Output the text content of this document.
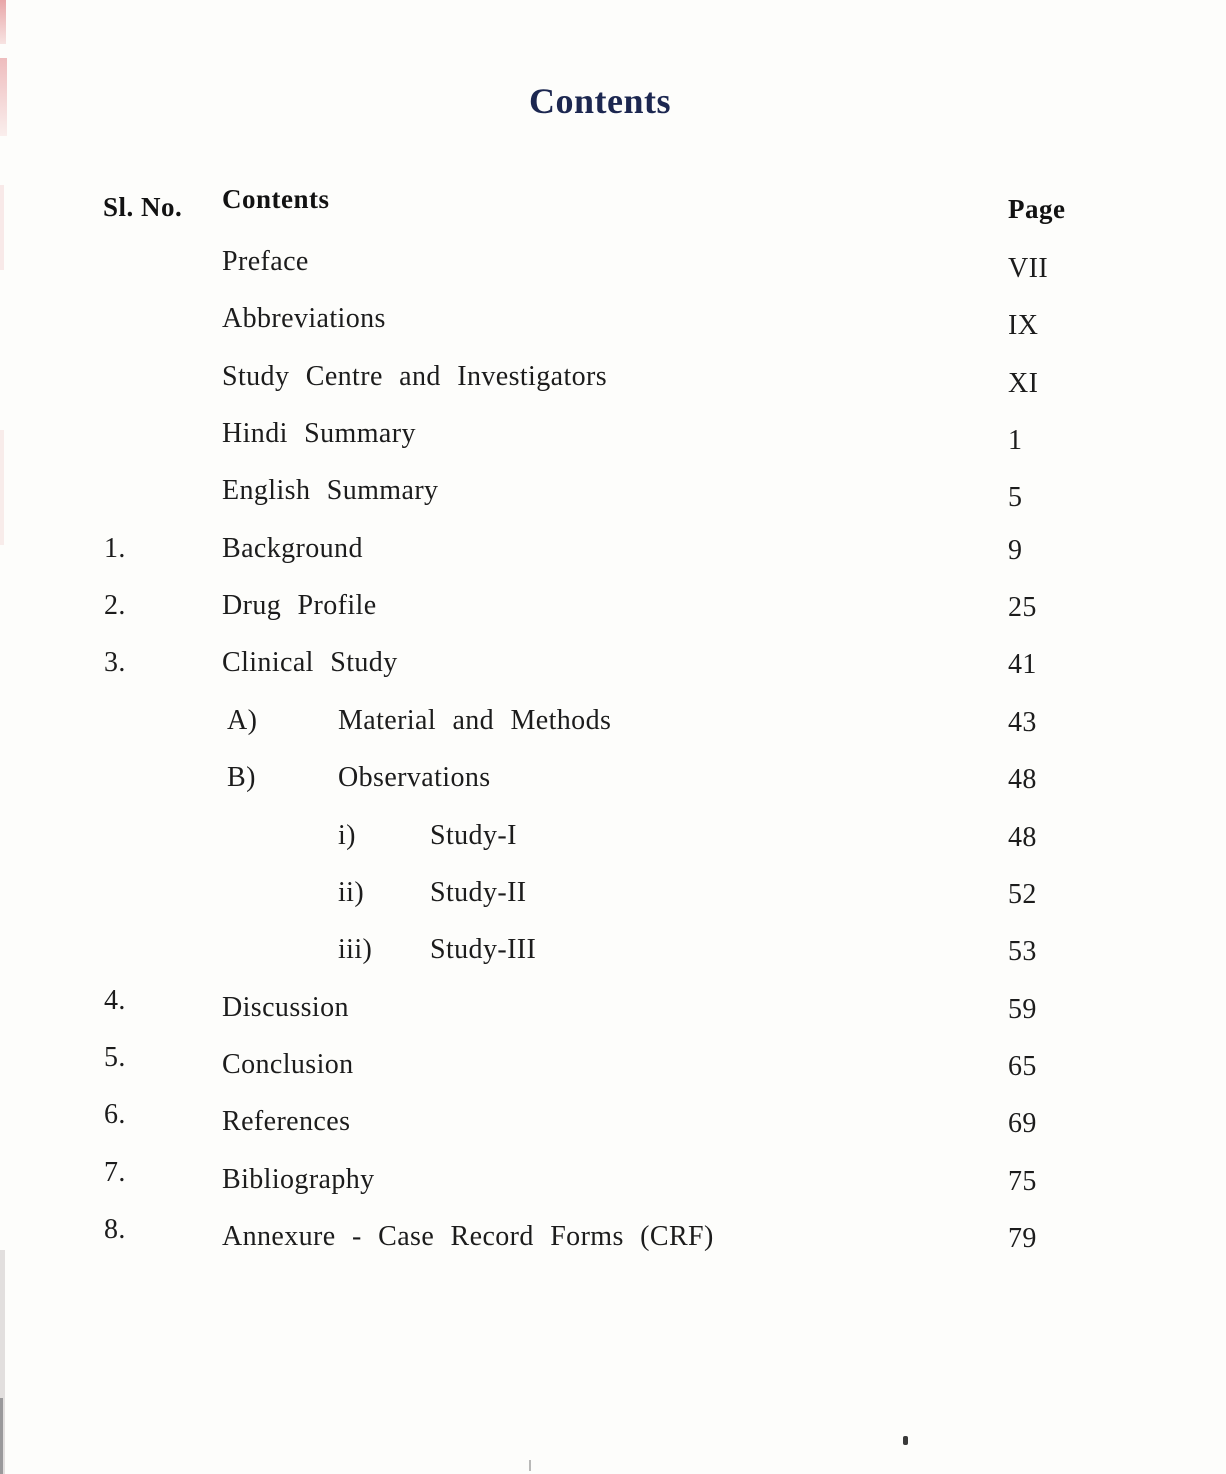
Contents
Sl. No. Contents	Page
Preface	VII
Abbreviations	IX
Study Centre and Investigators	XI
Hindi Summary	1
English Summary	5
1.	Background	9
2.	Drug Profile	25
3.	Clinical Study	41
A)	Material and Methods	43
B)	Observations	48
i)	Study-I	48
ii) Study-II	52
iii) Study-III	53
4.	Discussion	59
5.	Conclusion	65
6.	References	69
7.	Bibliography	75
8.	Annexure - Case Record Forms (CRF)	79
